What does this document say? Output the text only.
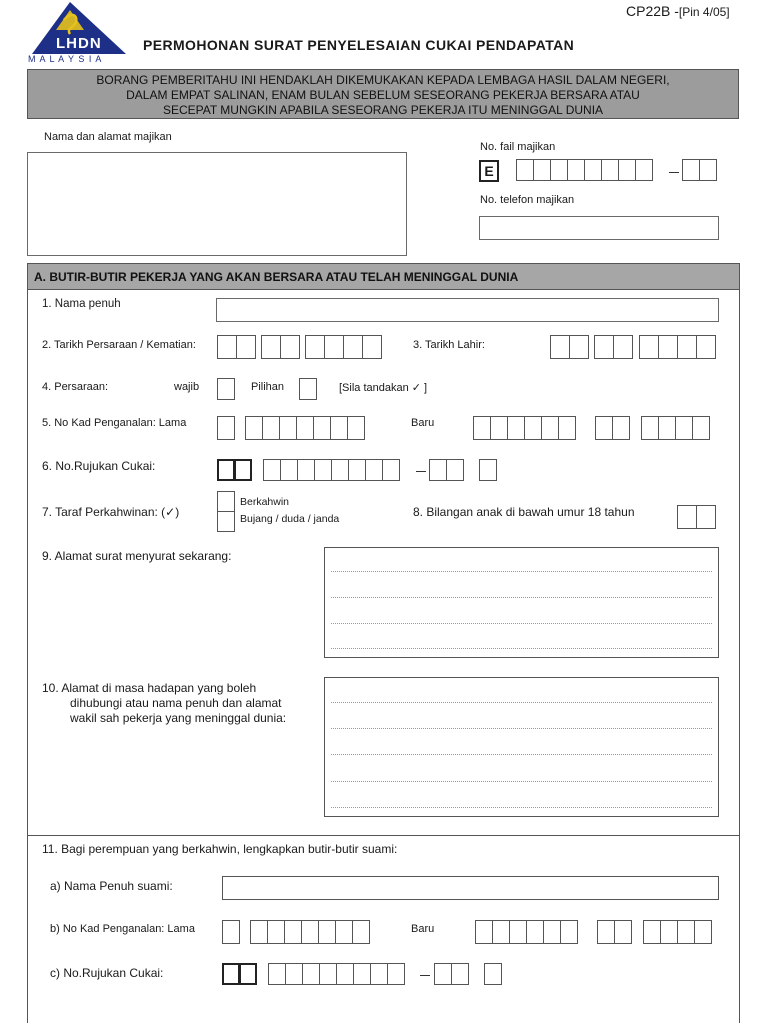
CP22B -[Pin 4/05]
LHDN
M A L A Y S I A
PERMOHONAN SURAT PENYELESAIAN CUKAI PENDAPATAN
BORANG PEMBERITAHU INI HENDAKLAH DIKEMUKAKAN KEPADA LEMBAGA HASIL DALAM NEGERI,
DALAM EMPAT SALINAN, ENAM BULAN SEBELUM SESEORANG PEKERJA BERSARA ATAU
SECEPAT MUNGKIN APABILA SESEORANG PEKERJA ITU MENINGGAL DUNIA
Nama dan alamat majikan
No. fail majikan
E
No. telefon majikan
A. BUTIR-BUTIR PEKERJA YANG AKAN BERSARA ATAU TELAH MENINGGAL DUNIA
1. Nama penuh
2. Tarikh Persaraan / Kematian:	3. Tarikh Lahir:
4. Persaraan:	wajib	Pilihan	[Sila tandakan ✓ ]
5. No Kad Penganalan: Lama	Baru
6. No.Rujukan Cukai:
7. Taraf Perkahwinan: (✓)
Berkahwin
Bujang / duda / janda	8. Bilangan anak di bawah umur 18 tahun
9. Alamat surat menyurat sekarang:
10. Alamat di masa hadapan yang boleh
dihubungi atau nama penuh dan alamat
wakil sah pekerja yang meninggal dunia:
11. Bagi perempuan yang berkahwin, lengkapkan butir-butir suami:
a) Nama Penuh suami:
b) No Kad Penganalan: Lama	Baru
c) No.Rujukan Cukai:
